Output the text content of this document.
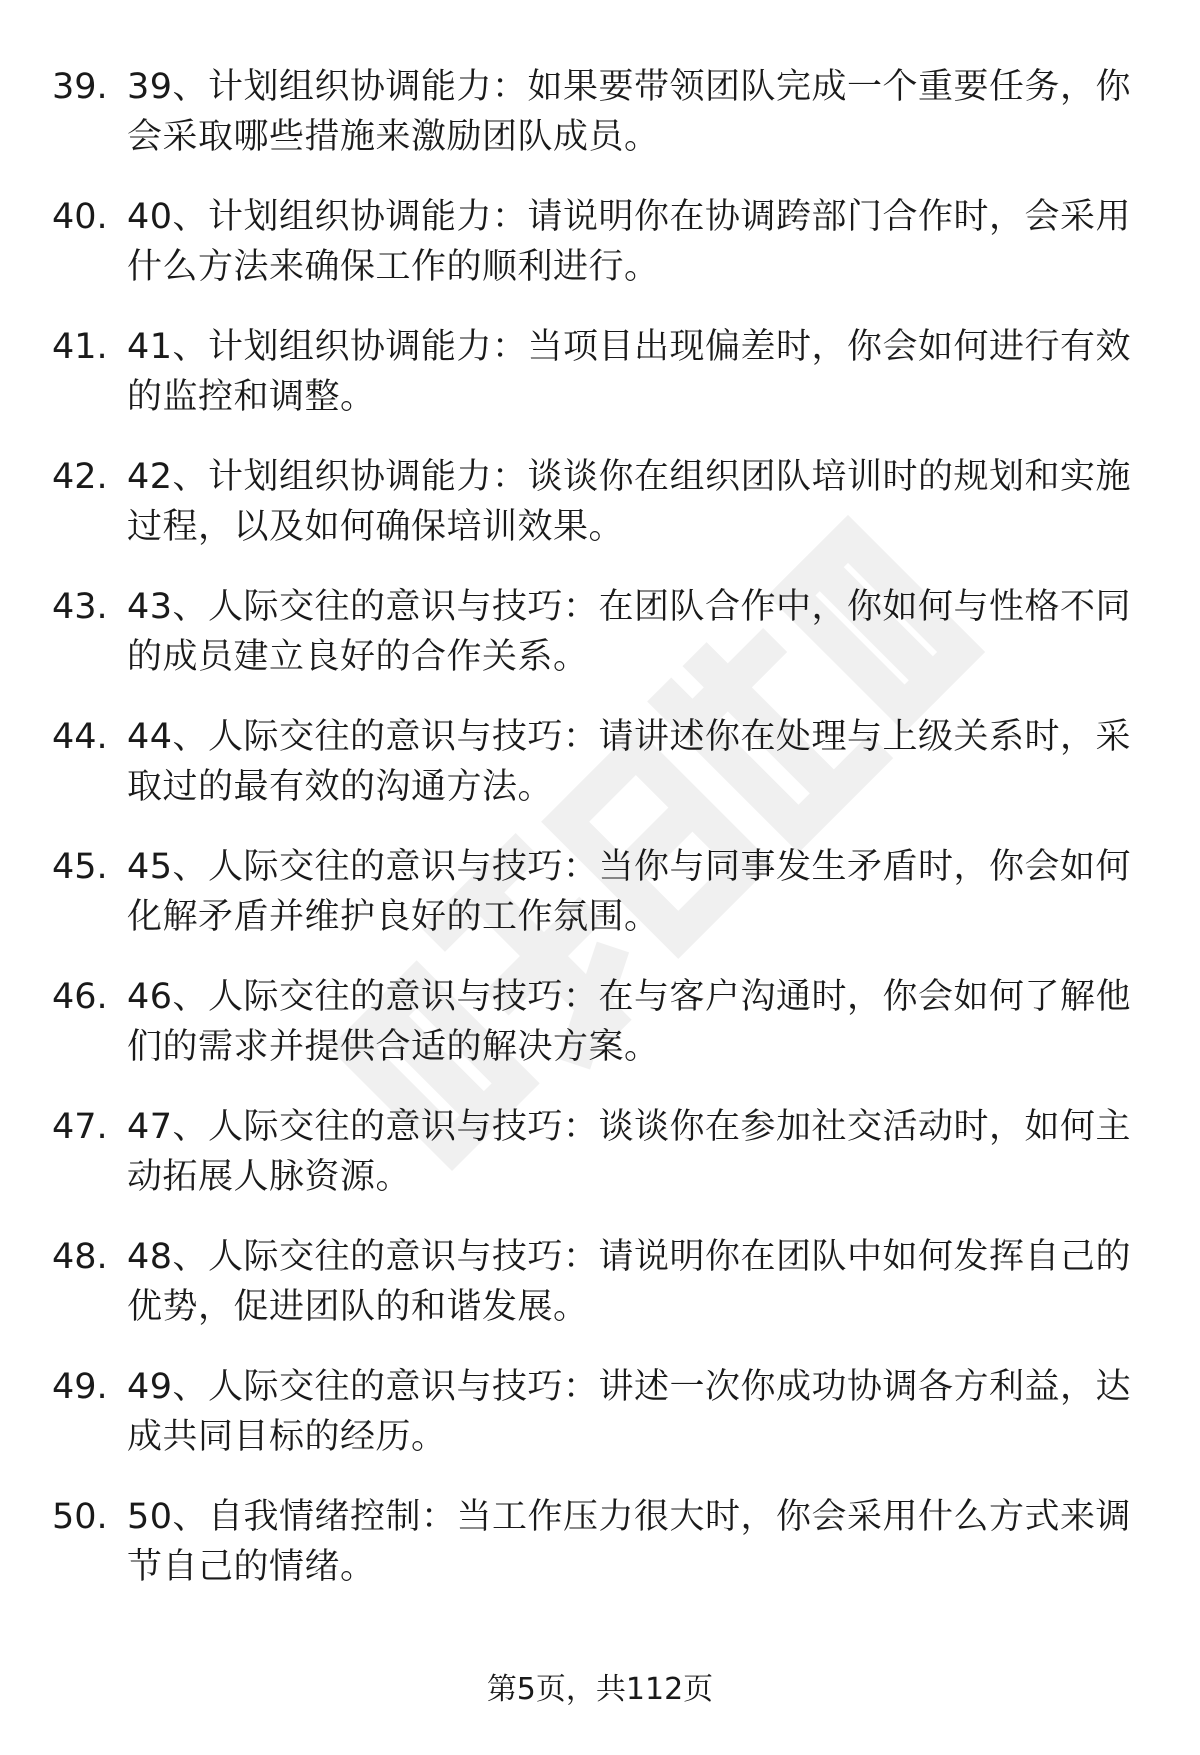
39. 39、计划组织协调能力：如果要带领团队完成一个重要任务，你会采取哪些措施来激励团队成员。
40. 40、计划组织协调能力：请说明你在协调跨部门合作时，会采用什么方法来确保工作的顺利进行。
41. 41、计划组织协调能力：当项目出现偏差时，你会如何进行有效的监控和调整。
42. 42、计划组织协调能力：谈谈你在组织团队培训时的规划和实施过程，以及如何确保培训效果。
43. 43、人际交往的意识与技巧：在团队合作中，你如何与性格不同的成员建立良好的合作关系。
44. 44、人际交往的意识与技巧：请讲述你在处理与上级关系时，采取过的最有效的沟通方法。
45. 45、人际交往的意识与技巧：当你与同事发生矛盾时，你会如何化解矛盾并维护良好的工作氛围。
46. 46、人际交往的意识与技巧：在与客户沟通时，你会如何了解他们的需求并提供合适的解决方案。
47. 47、人际交往的意识与技巧：谈谈你在参加社交活动时，如何主动拓展人脉资源。
48. 48、人际交往的意识与技巧：请说明你在团队中如何发挥自己的优势，促进团队的和谐发展。
49. 49、人际交往的意识与技巧：讲述一次你成功协调各方利益，达成共同目标的经历。
50. 50、自我情绪控制：当工作压力很大时，你会采用什么方式来调节自己的情绪。
第5页，共112页
